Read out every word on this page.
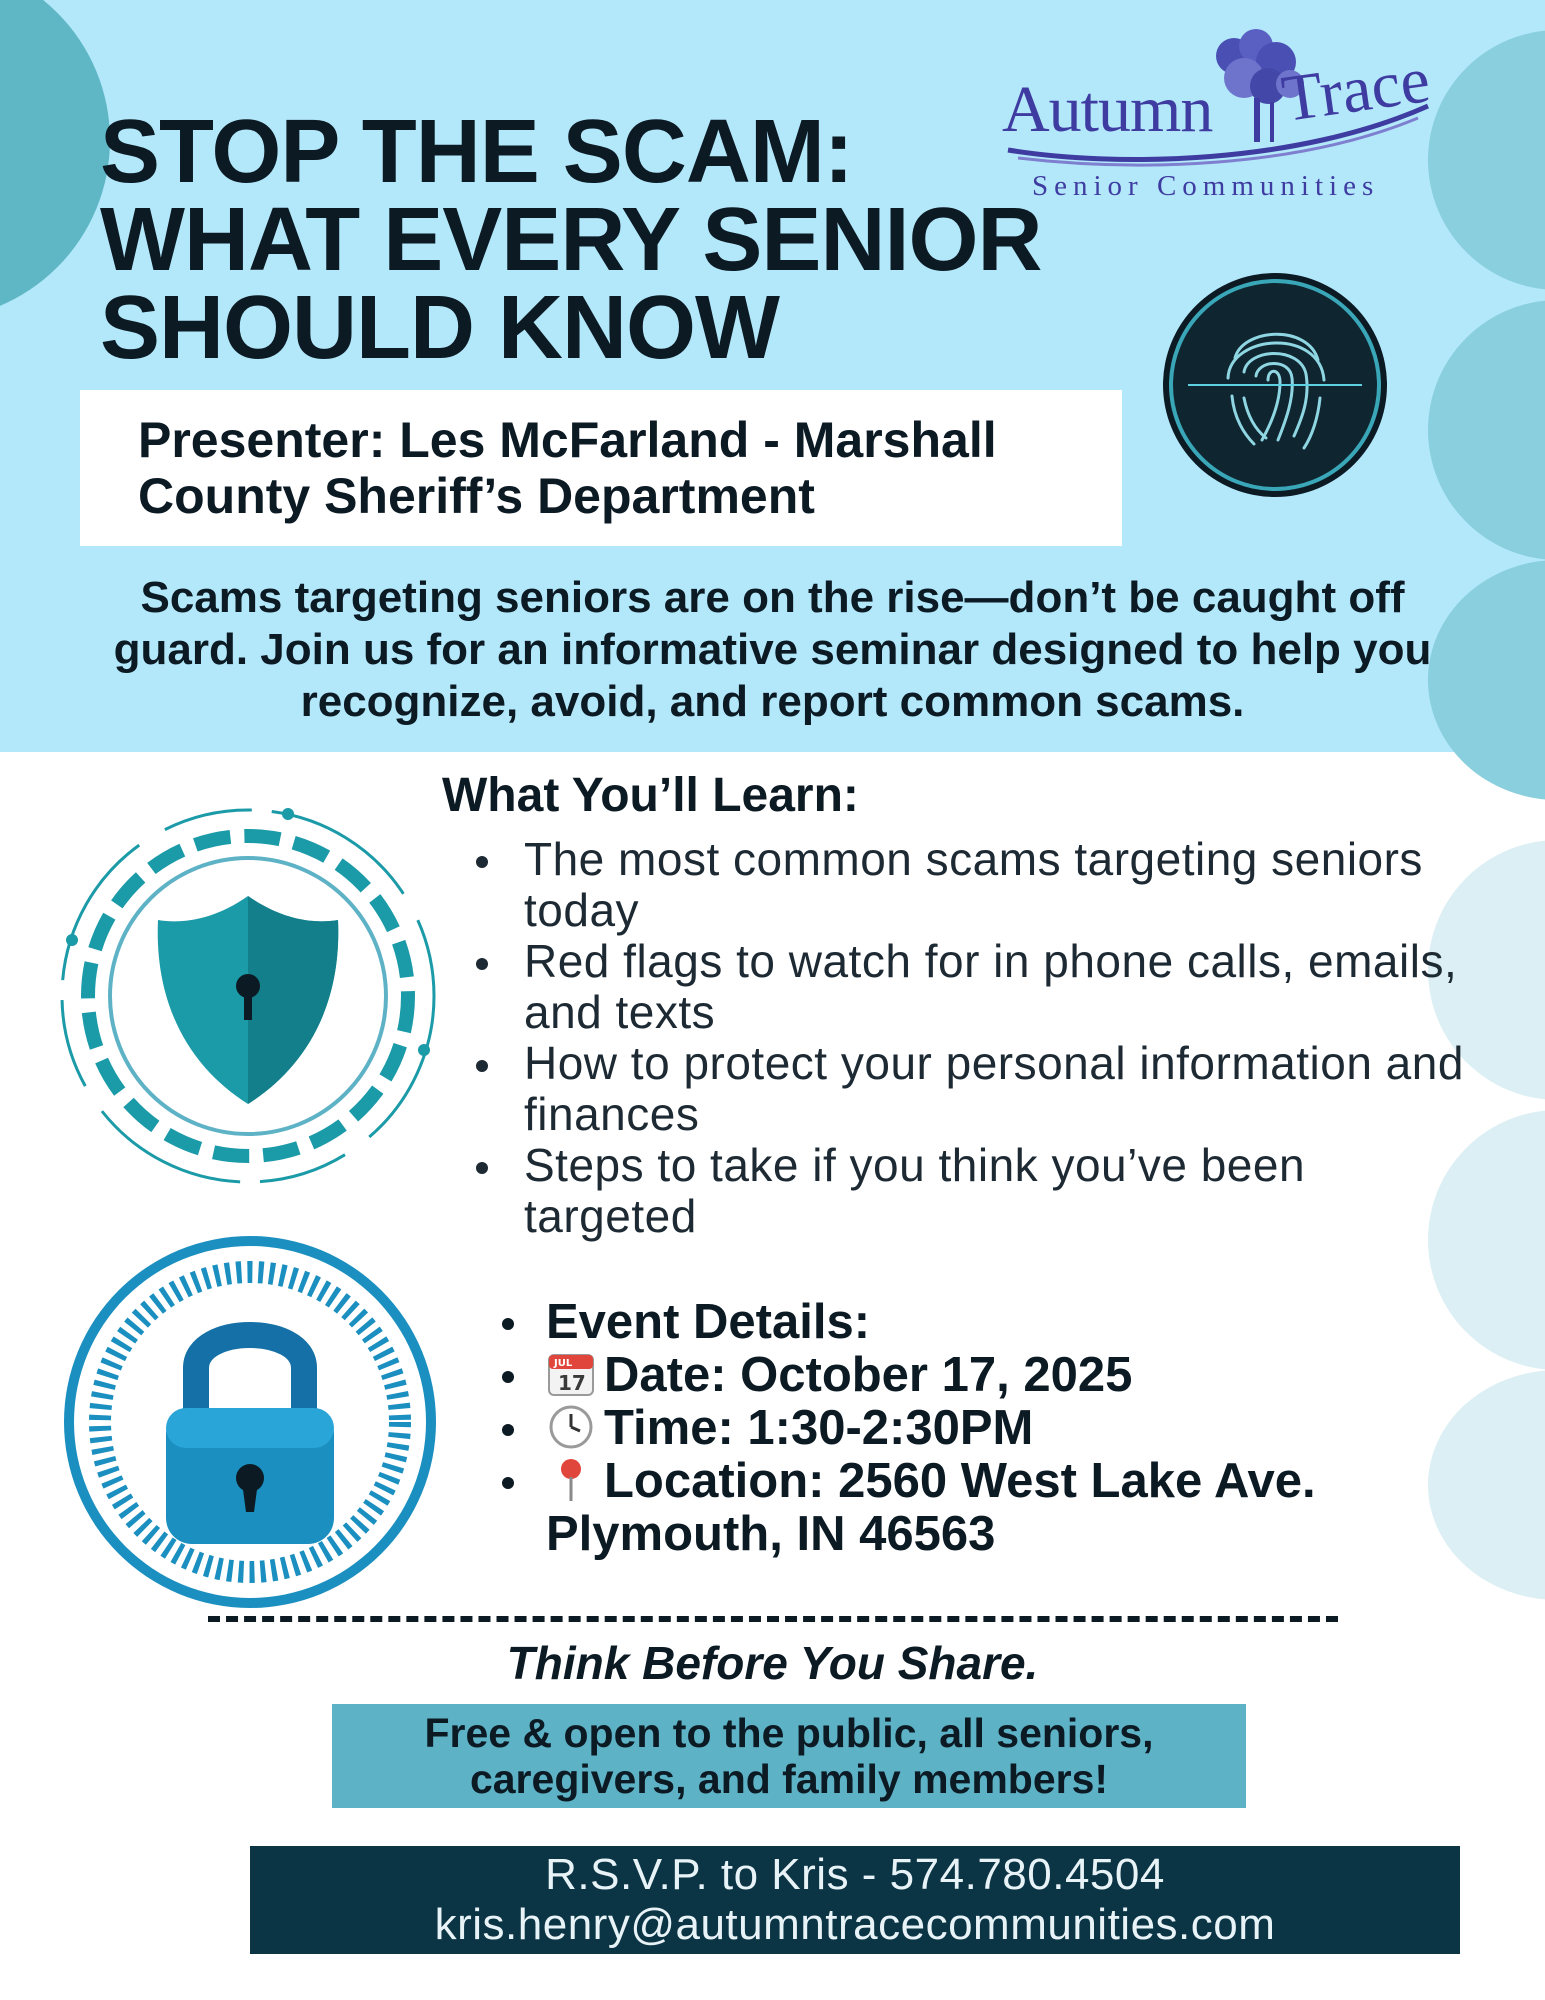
Autumn Trace
Senior Communities
STOP THE SCAM:
WHAT EVERY SENIOR
SHOULD KNOW
Presenter: Les McFarland - Marshall County Sheriff’s Department
Scams targeting seniors are on the rise—don’t be caught off guard. Join us for an informative seminar designed to help you recognize, avoid, and report common scams.
What You’ll Learn:
The most common scams targeting seniors today
Red flags to watch for in phone calls, emails, and texts
How to protect your personal information and finances
Steps to take if you think you’ve been targeted
Event Details:
JUL
17 Date: October 17, 2025
Time: 1:30-2:30PM
Location: 2560 West Lake Ave. Plymouth, IN 46563
Think Before You Share.
Free & open to the public, all seniors,
caregivers, and family members!
R.S.V.P. to Kris - 574.780.4504
kris.henry@autumntracecommunities.com
